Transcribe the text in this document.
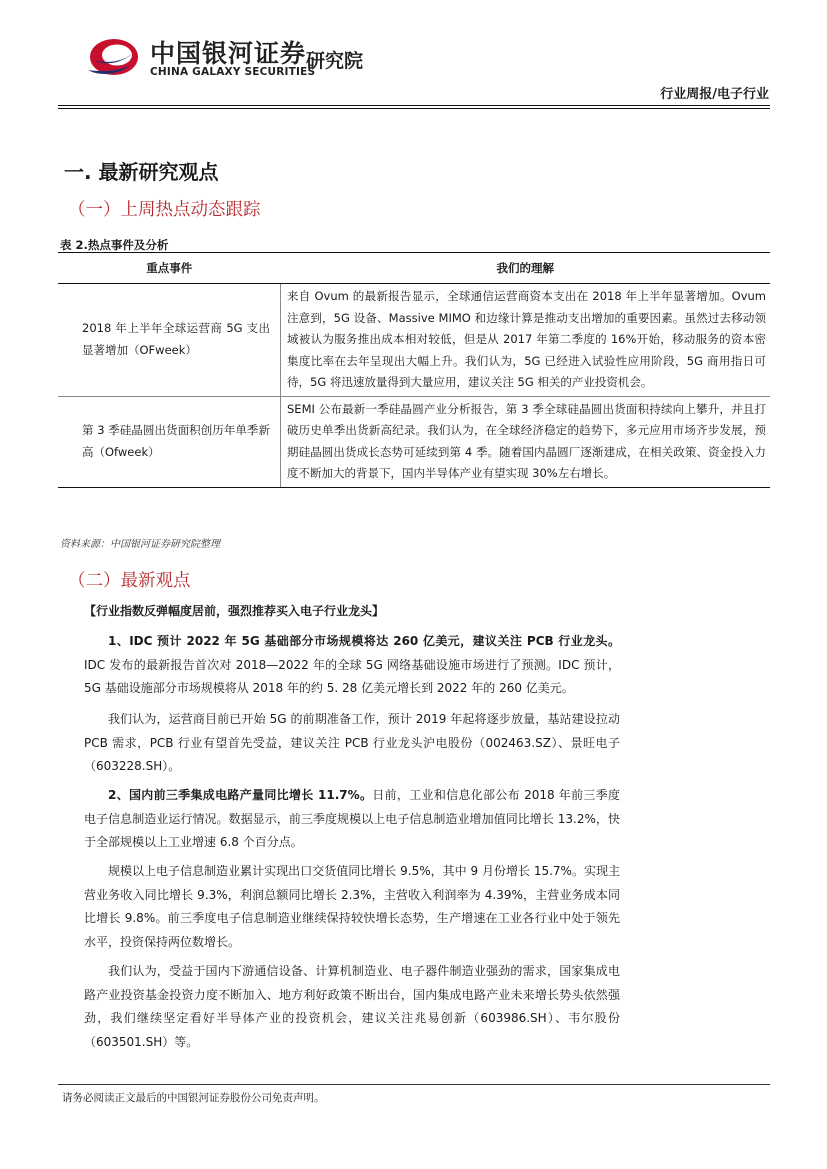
中国银河证券
CHINA GALAXY SECURITIES
研究院
行业周报/电子行业
一. 最新研究观点
（一）上周热点动态跟踪
表 2.热点事件及分析
重点事件	我们的理解
2018 年上半年全球运营商 5G 支出显著增加（OFweek）	来自 Ovum 的最新报告显示，全球通信运营商资本支出在 2018 年上半年显著增加。Ovum 注意到，5G 设备、Massive MIMO 和边缘计算是推动支出增加的重要因素。虽然过去移动领域被认为服务推出成本相对较低，但是从 2017 年第二季度的 16%开始，移动服务的资本密集度比率在去年呈现出大幅上升。我们认为，5G 已经进入试验性应用阶段，5G 商用指日可待，5G 将迅速放量得到大量应用，建议关注 5G 相关的产业投资机会。
第 3 季硅晶圆出货面积创历年单季新高（Ofweek）	SEMI 公布最新一季硅晶圆产业分析报告，第 3 季全球硅晶圆出货面积持续向上攀升，并且打破历史单季出货新高纪录。我们认为，在全球经济稳定的趋势下，多元应用市场齐步发展，预期硅晶圆出货成长态势可延续到第 4 季。随着国内晶圆厂逐渐建成，在相关政策、资金投入力度不断加大的背景下，国内半导体产业有望实现 30%左右增长。
资料来源：中国银河证券研究院整理
（二）最新观点
【行业指数反弹幅度居前，强烈推荐买入电子行业龙头】

1、IDC 预计 2022 年 5G 基础部分市场规模将达 260 亿美元，建议关注 PCB 行业龙头。IDC 发布的最新报告首次对 2018—2022 年的全球 5G 网络基础设施市场进行了预测。IDC 预计，5G 基础设施部分市场规模将从 2018 年的约 5. 28 亿美元增长到 2022 年的 260 亿美元。

我们认为，运营商目前已开始 5G 的前期准备工作，预计 2019 年起将逐步放量，基站建设拉动 PCB 需求，PCB 行业有望首先受益，建议关注 PCB 行业龙头沪电股份（002463.SZ）、景旺电子（603228.SH）。

2、国内前三季集成电路产量同比增长 11.7%。日前，工业和信息化部公布 2018 年前三季度电子信息制造业运行情况。数据显示，前三季度规模以上电子信息制造业增加值同比增长 13.2%，快于全部规模以上工业增速 6.8 个百分点。

规模以上电子信息制造业累计实现出口交货值同比增长 9.5%，其中 9 月份增长 15.7%。实现主营业务收入同比增长 9.3%，利润总额同比增长 2.3%，主营收入利润率为 4.39%，主营业务成本同比增长 9.8%。前三季度电子信息制造业继续保持较快增长态势，生产增速在工业各行业中处于领先水平，投资保持两位数增长。

我们认为，受益于国内下游通信设备、计算机制造业、电子器件制造业强劲的需求，国家集成电路产业投资基金投资力度不断加入、地方利好政策不断出台，国内集成电路产业未来增长势头依然强劲，我们继续坚定看好半导体产业的投资机会，建议关注兆易创新（603986.SH）、韦尔股份（603501.SH）等。

请务必阅读正文最后的中国银河证券股份公司免责声明。
